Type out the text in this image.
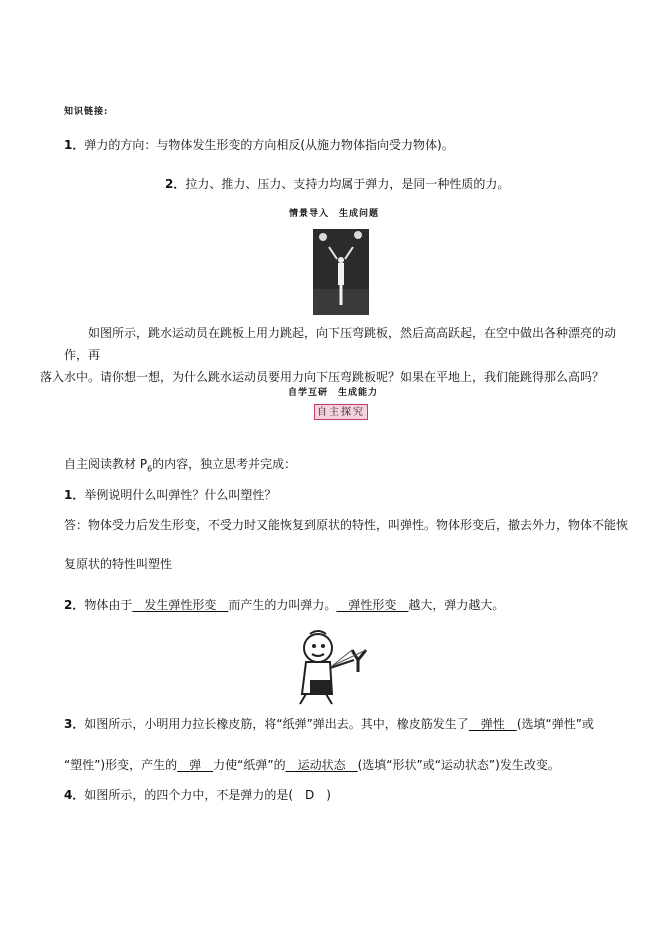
知识链接:
1．弹力的方向：与物体发生形变的方向相反(从施力物体指向受力物体)。
2．拉力、推力、压力、支持力均属于弹力，是同一种性质的力。
情景导入　生成问题
如图所示，跳水运动员在跳板上用力跳起，向下压弯跳板，然后高高跃起，在空中做出各种漂亮的动作，再
落入水中。请你想一想，为什么跳水运动员要用力向下压弯跳板呢？如果在平地上，我们能跳得那么高吗？
自学互研　生成能力
自主探究
自主阅读教材 $P_6$的内容，独立思考并完成：
1．举例说明什么叫弹性？什么叫塑性？
答：物体受力后发生形变，不受力时又能恢复到原状的特性，叫弹性。物体形变后，撤去外力，物体不能恢
复原状的特性叫塑性
2．物体由于　发生弹性形变　而产生的力叫弹力。　弹性形变　越大，弹力越大。
3．如图所示，小明用力拉长橡皮筋，将“纸弹”弹出去。其中，橡皮筋发生了　弹性　(选填“弹性”或
“塑性”)形变，产生的　弹　力使“纸弹”的　运动状态　(选填“形状”或“运动状态”)发生改变。
4．如图所示，的四个力中，不是弹力的是(　D　)
